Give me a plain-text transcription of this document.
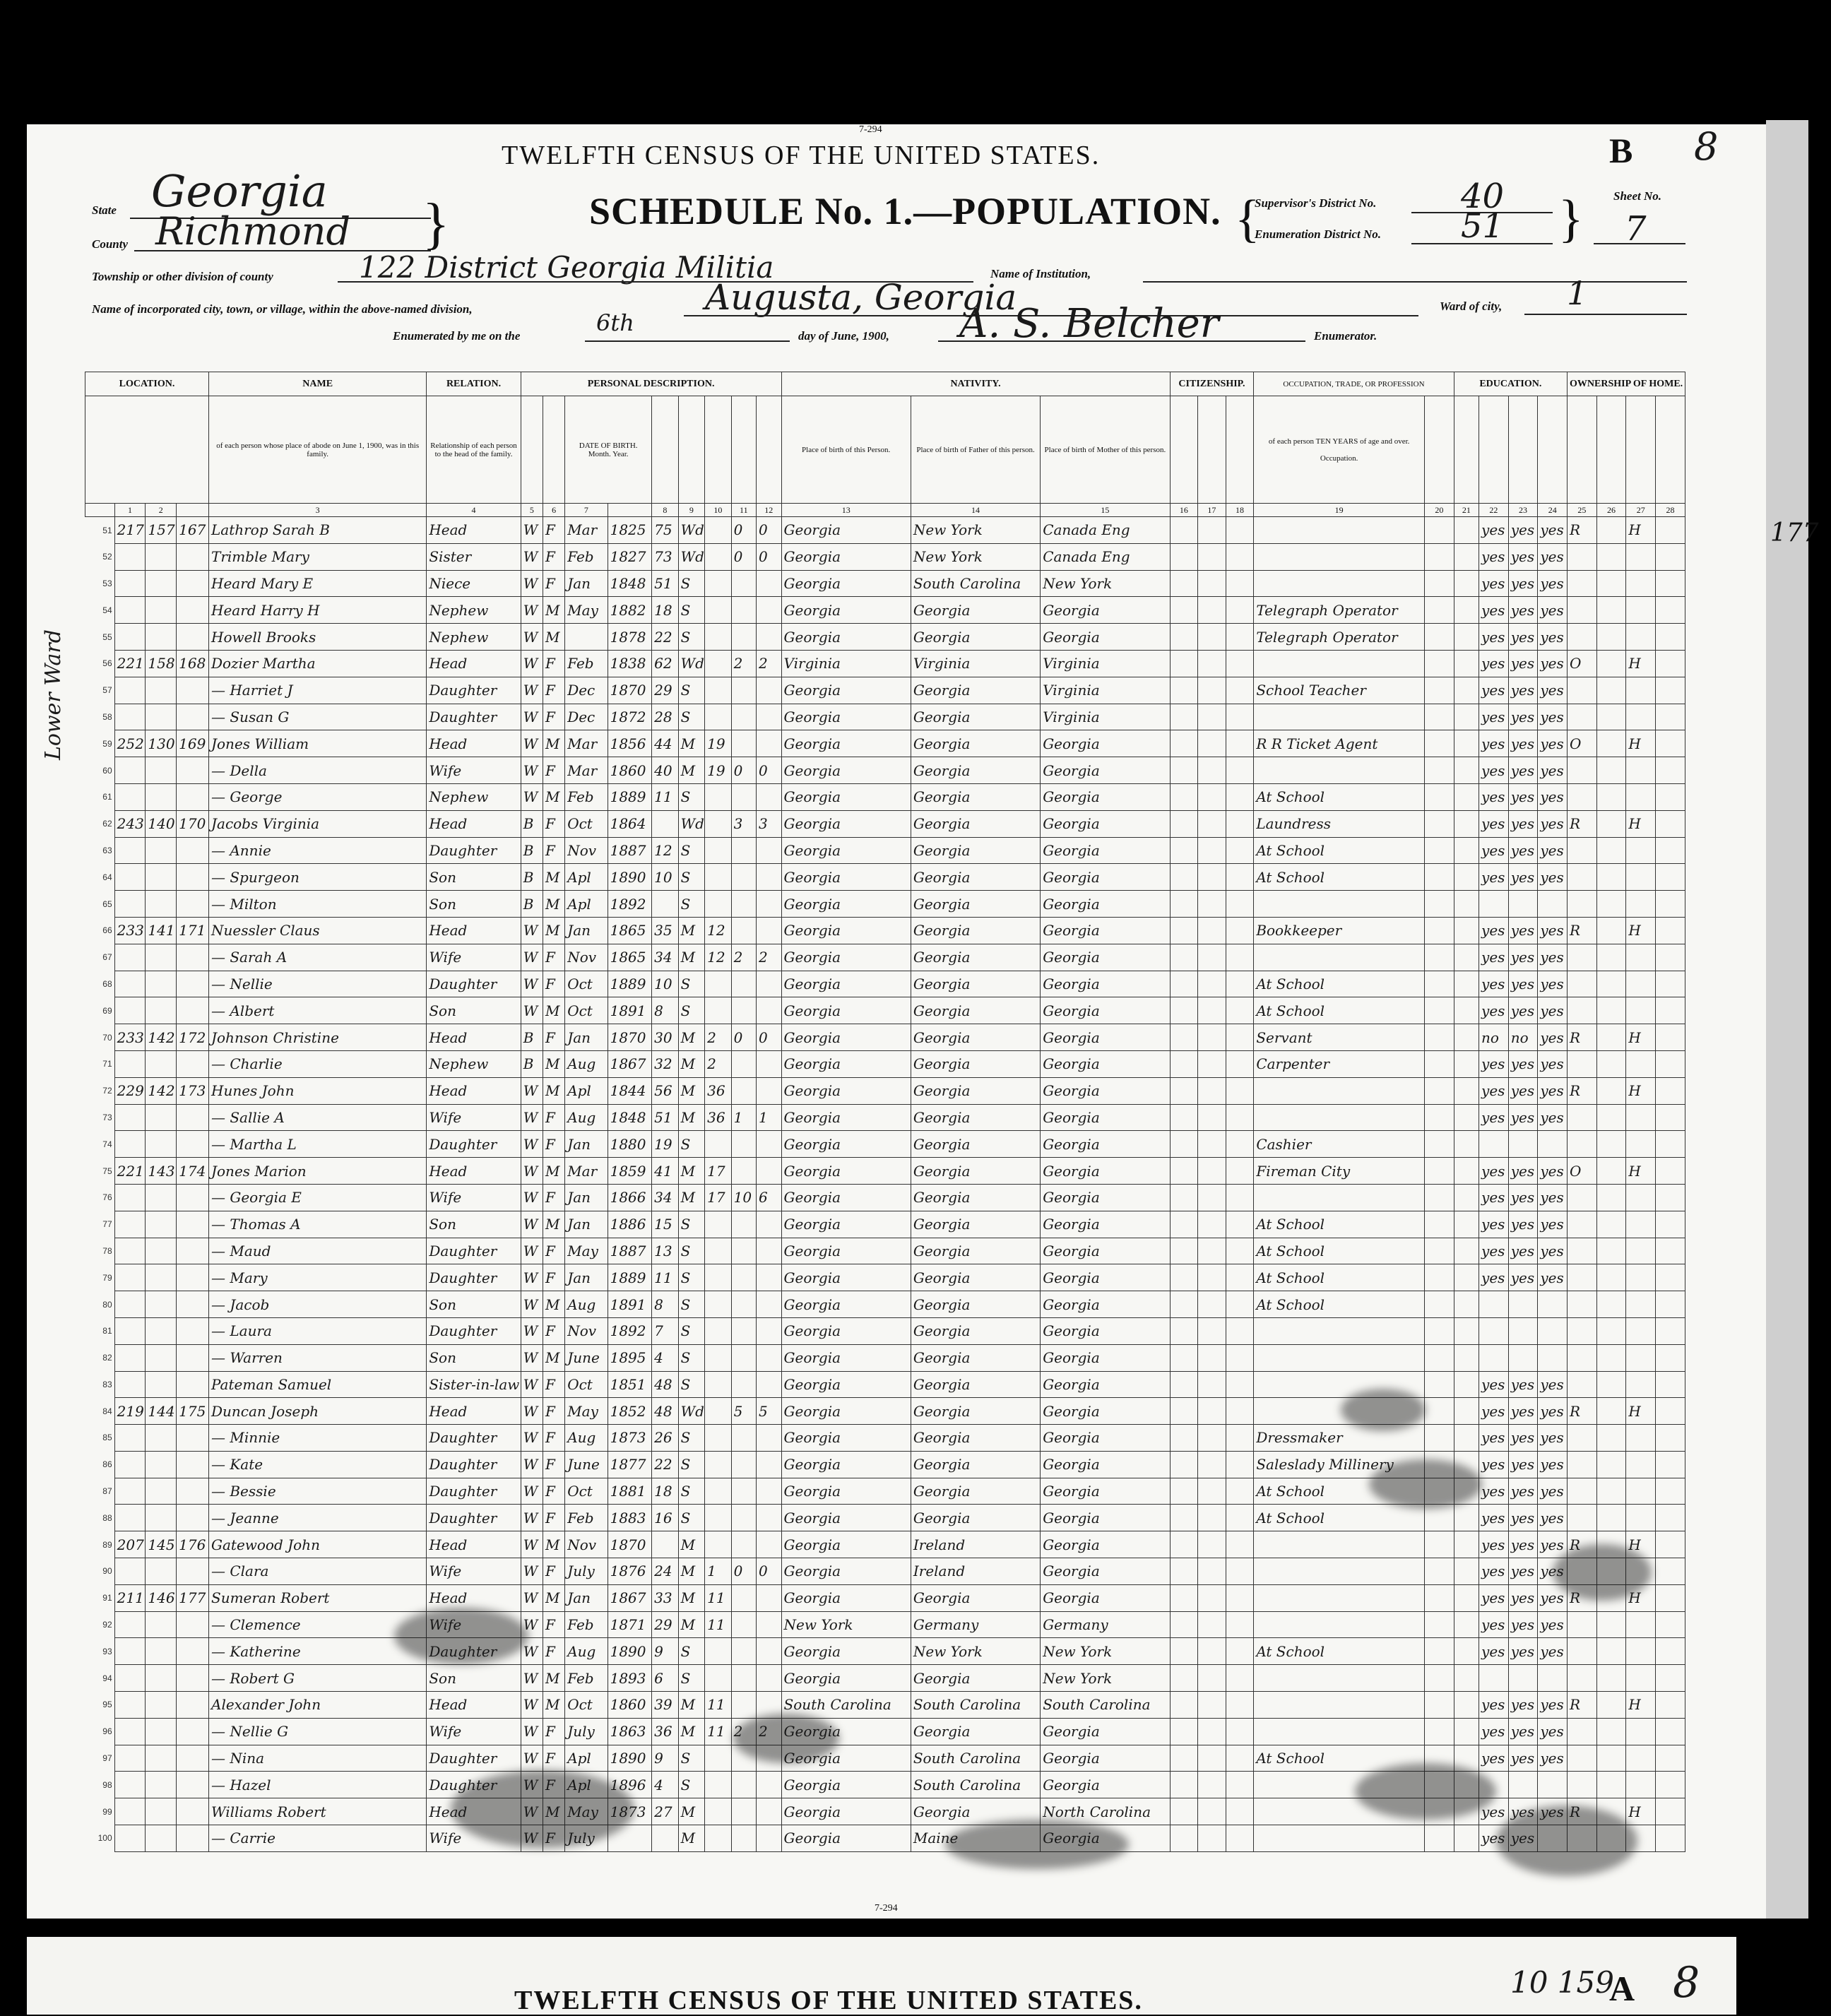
7-294
TWELFTH CENSUS OF THE UNITED STATES.	B 8
SCHEDULE No. 1.—POPULATION.
State Georgia
County Richmond }	{
Supervisor's District No. 40
Enumeration District No. 51 } Sheet No.
7
Township or other division of county	122 District Georgia Militia	Name of Institution,
Name of incorporated city, town, or village, within the above-named division,	Augusta, Georgia	Ward of city, 1
Enumerated by me on the	6th	day of June, 1900, A. S. Belcher	Enumerator.
LOCATION.				NAME	RELATION.	PERSONAL DESCRIPTION.									NATIVITY.			CITIZENSHIP.			OCCUPATION, TRADE, OR PROFESSION		EDUCATION.				OWNERSHIP OF HOME.			
				of each person whose place of abode on June 1, 1900, was in this family.	Relationship of each person to the head of the family.			DATE OF BIRTH.
Month. Year.							Place of birth of this Person.	Place of birth of Father of this person.	Place of birth of Mother of this person.				of each person TEN YEARS of age and over.

Occupation.									
	1	2		3	4	5	6	7		8	9	10	11	12	13	14	15	16	17	18	19	20	21	22	23	24	25	26	27	28
51	217	157	167	Lathrop Sarah B	Head	W	F	Mar	1825	75	Wd		0	0	Georgia	New York	Canada Eng							yes	yes	yes	R		H	
52				Trimble Mary	Sister	W	F	Feb	1827	73	Wd		0	0	Georgia	New York	Canada Eng							yes	yes	yes				
53				Heard Mary E	Niece	W	F	Jan	1848	51	S				Georgia	South Carolina	New York							yes	yes	yes				
54				Heard Harry H	Nephew	W	M	May	1882	18	S				Georgia	Georgia	Georgia				Telegraph Operator			yes	yes	yes				
55				Howell Brooks	Nephew	W	M		1878	22	S				Georgia	Georgia	Georgia				Telegraph Operator			yes	yes	yes				
56	221	158	168	Dozier Martha	Head	W	F	Feb	1838	62	Wd		2	2	Virginia	Virginia	Virginia							yes	yes	yes	O		H	
57				— Harriet J	Daughter	W	F	Dec	1870	29	S				Georgia	Georgia	Virginia				School Teacher			yes	yes	yes				
58				— Susan G	Daughter	W	F	Dec	1872	28	S				Georgia	Georgia	Virginia							yes	yes	yes				
59	252	130	169	Jones William	Head	W	M	Mar	1856	44	M	19			Georgia	Georgia	Georgia				R R Ticket Agent			yes	yes	yes	O		H	
60				— Della	Wife	W	F	Mar	1860	40	M	19	0	0	Georgia	Georgia	Georgia							yes	yes	yes				
61				— George	Nephew	W	M	Feb	1889	11	S				Georgia	Georgia	Georgia				At School			yes	yes	yes				
62	243	140	170	Jacobs Virginia	Head	B	F	Oct	1864		Wd		3	3	Georgia	Georgia	Georgia				Laundress			yes	yes	yes	R		H	
63				— Annie	Daughter	B	F	Nov	1887	12	S				Georgia	Georgia	Georgia				At School			yes	yes	yes				
64				— Spurgeon	Son	B	M	Apl	1890	10	S				Georgia	Georgia	Georgia				At School			yes	yes	yes				
65				— Milton	Son	B	M	Apl	1892		S				Georgia	Georgia	Georgia													
66	233	141	171	Nuessler Claus	Head	W	M	Jan	1865	35	M	12			Georgia	Georgia	Georgia				Bookkeeper			yes	yes	yes	R		H	
67				— Sarah A	Wife	W	F	Nov	1865	34	M	12	2	2	Georgia	Georgia	Georgia							yes	yes	yes				
68				— Nellie	Daughter	W	F	Oct	1889	10	S				Georgia	Georgia	Georgia				At School			yes	yes	yes				
69				— Albert	Son	W	M	Oct	1891	8	S				Georgia	Georgia	Georgia				At School			yes	yes	yes				
70	233	142	172	Johnson Christine	Head	B	F	Jan	1870	30	M	2	0	0	Georgia	Georgia	Georgia				Servant			no	no	yes	R		H	
71				— Charlie	Nephew	B	M	Aug	1867	32	M	2			Georgia	Georgia	Georgia				Carpenter			yes	yes	yes				
72	229	142	173	Hunes John	Head	W	M	Apl	1844	56	M	36			Georgia	Georgia	Georgia							yes	yes	yes	R		H	
73				— Sallie A	Wife	W	F	Aug	1848	51	M	36	1	1	Georgia	Georgia	Georgia							yes	yes	yes				
74				— Martha L	Daughter	W	F	Jan	1880	19	S				Georgia	Georgia	Georgia				Cashier									
75	221	143	174	Jones Marion	Head	W	M	Mar	1859	41	M	17			Georgia	Georgia	Georgia				Fireman City			yes	yes	yes	O		H	
76				— Georgia E	Wife	W	F	Jan	1866	34	M	17	10	6	Georgia	Georgia	Georgia							yes	yes	yes				
77				— Thomas A	Son	W	M	Jan	1886	15	S				Georgia	Georgia	Georgia				At School			yes	yes	yes				
78				— Maud	Daughter	W	F	May	1887	13	S				Georgia	Georgia	Georgia				At School			yes	yes	yes				
79				— Mary	Daughter	W	F	Jan	1889	11	S				Georgia	Georgia	Georgia				At School			yes	yes	yes				
80				— Jacob	Son	W	M	Aug	1891	8	S				Georgia	Georgia	Georgia				At School									
81				— Laura	Daughter	W	F	Nov	1892	7	S				Georgia	Georgia	Georgia													
82				— Warren	Son	W	M	June	1895	4	S				Georgia	Georgia	Georgia													
83				Pateman Samuel	Sister-in-law	W	F	Oct	1851	48	S				Georgia	Georgia	Georgia							yes	yes	yes				
84	219	144	175	Duncan Joseph	Head	W	F	May	1852	48	Wd		5	5	Georgia	Georgia	Georgia							yes	yes	yes	R		H	
85				— Minnie	Daughter	W	F	Aug	1873	26	S				Georgia	Georgia	Georgia				Dressmaker			yes	yes	yes				
86				— Kate	Daughter	W	F	June	1877	22	S				Georgia	Georgia	Georgia				Saleslady Millinery			yes	yes	yes				
87				— Bessie	Daughter	W	F	Oct	1881	18	S				Georgia	Georgia	Georgia				At School			yes	yes	yes				
88				— Jeanne	Daughter	W	F	Feb	1883	16	S				Georgia	Georgia	Georgia				At School			yes	yes	yes				
89	207	145	176	Gatewood John	Head	W	M	Nov	1870		M				Georgia	Ireland	Georgia							yes	yes	yes	R		H	
90				— Clara	Wife	W	F	July	1876	24	M	1	0	0	Georgia	Ireland	Georgia							yes	yes	yes				
91	211	146	177	Sumeran Robert	Head	W	M	Jan	1867	33	M	11			Georgia	Georgia	Georgia							yes	yes	yes	R		H	
92				— Clemence	Wife	W	F	Feb	1871	29	M	11			New York	Germany	Germany							yes	yes	yes				
93				— Katherine	Daughter	W	F	Aug	1890	9	S				Georgia	New York	New York				At School			yes	yes	yes				
94				— Robert G	Son	W	M	Feb	1893	6	S				Georgia	Georgia	New York													
95				Alexander John	Head	W	M	Oct	1860	39	M	11			South Carolina	South Carolina	South Carolina							yes	yes	yes	R		H	
96				— Nellie G	Wife	W	F	July	1863	36	M	11	2	2	Georgia	Georgia	Georgia							yes	yes	yes				
97				— Nina	Daughter	W	F	Apl	1890	9	S				Georgia	South Carolina	Georgia				At School			yes	yes	yes				
98				— Hazel	Daughter	W	F	Apl	1896	4	S				Georgia	South Carolina	Georgia													
99				Williams Robert	Head	W	M	May	1873	27	M				Georgia	Georgia	North Carolina							yes	yes	yes	R		H	
100				— Carrie	Wife	W	F	July			M				Georgia	Maine	Georgia							yes	yes					
Lower Ward
7-294
177
TWELFTH CENSUS OF THE UNITED STATES.
10 159
A 8
